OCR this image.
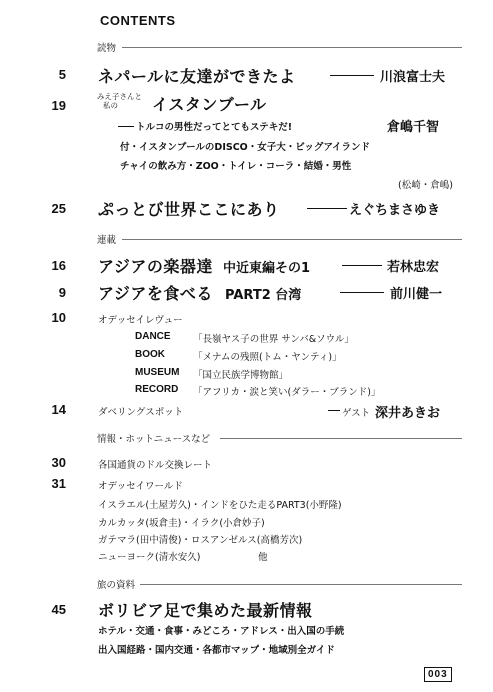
CONTENTS
読物
5 ネパールに友達ができたよ	川浪富士夫
19
みえ子さんと
私の イスタンブール
トルコの男性だってとてもステキだ!	倉嶋千智
付・イスタンブールのDISCO・女子大・ビッグアイランド
チャイの飲み方・ZOO・トイレ・コーラ・結婚・男性
(松崎・倉嶋)
25 ぷっとび世界ここにあり	えぐちまさゆき
連載
16 アジアの楽器達 中近東編その1	若林忠宏
9 アジアを食べる PART2 台湾	前川健一
10	オデッセイレヴュー
DANCE 「長嶺ヤス子の世界 サンバ&ソウル」
BOOK	「メナムの残照(トム・ヤンティ)」
MUSEUM 「国立民族学博物館」
RECORD 「アフリカ・涙と笑い(ダラー・ブランド)」
14	ダベリングスポット	ゲスト 深井あきお
情報・ホットニュースなど
30	各国通貨のドル交換レート
31	オデッセイワールド
イスラエル(土屋芳久)・インドをひた走るPART3(小野隆)
カルカッタ(坂倉圭)・イラク(小倉妙子)
ガテマラ(田中清俊)・ロスアンゼルス(高橋芳次)
ニューヨーク(清水安久)	他
旅の資料
45 ボリビア足で集めた最新情報
ホテル・交通・食事・みどころ・アドレス・出入国の手続
出入国経路・国内交通・各都市マップ・地域別全ガイド
003
